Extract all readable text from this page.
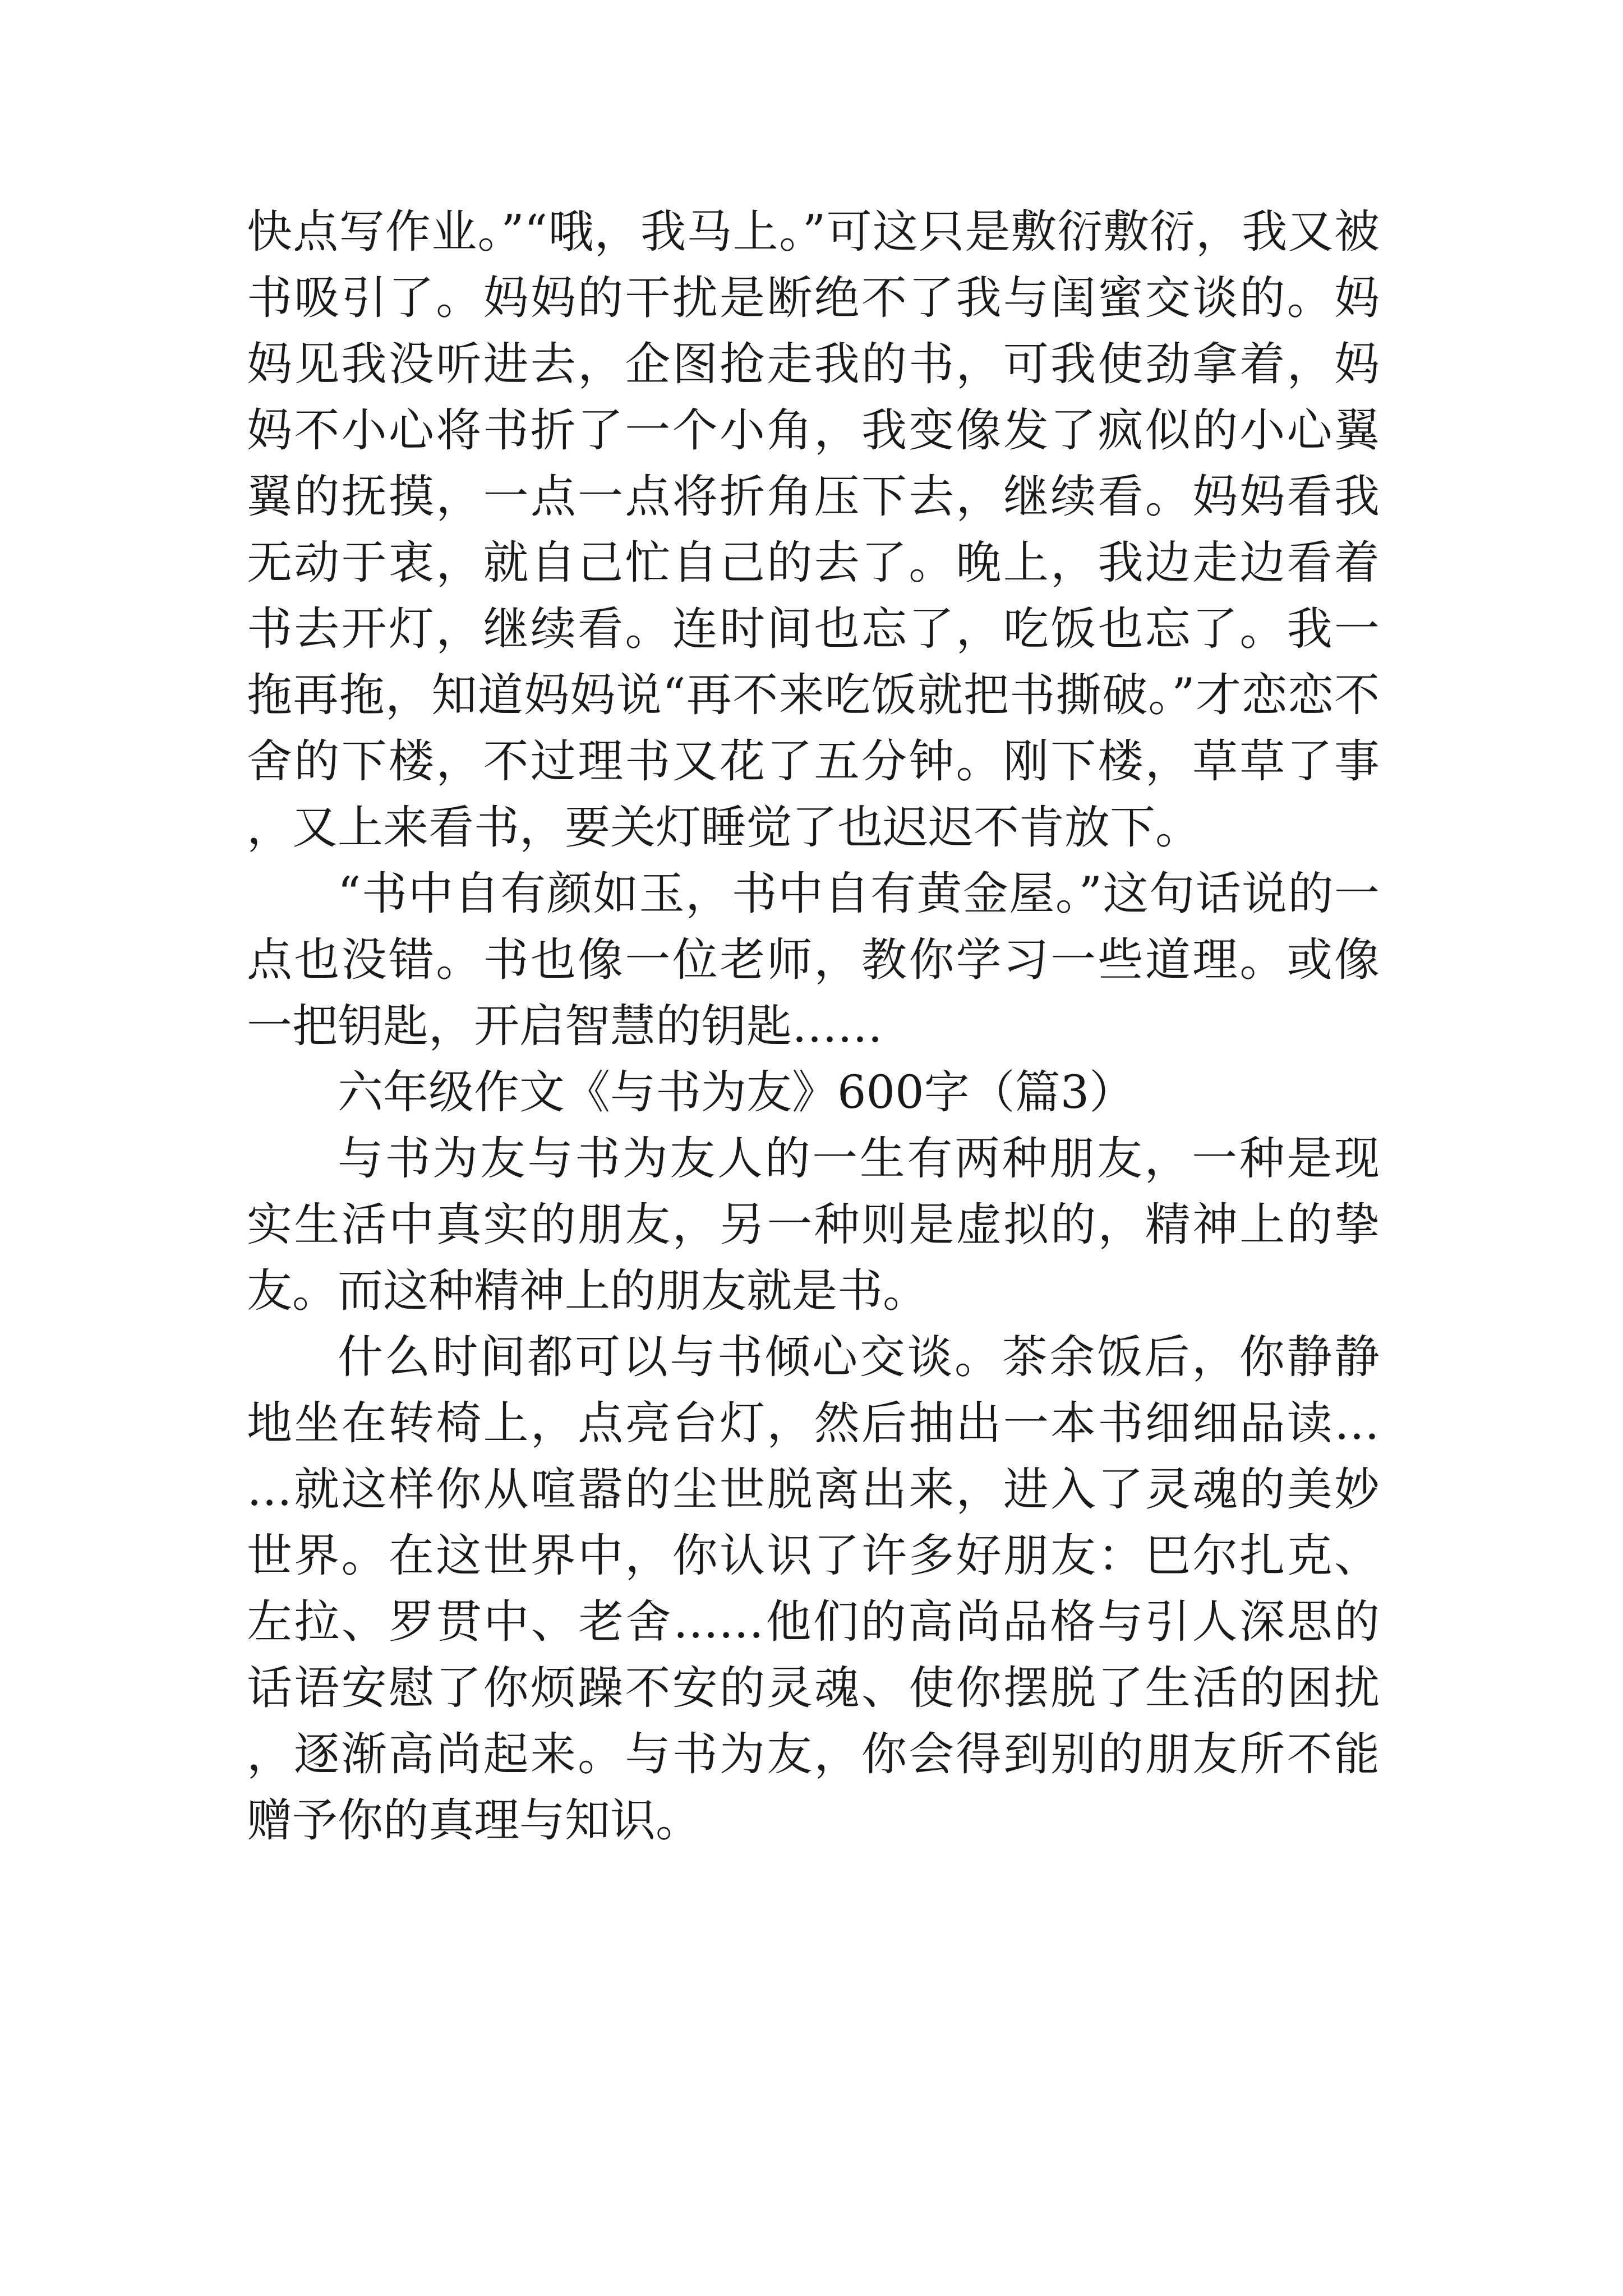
快点写作业。”“哦，我马上。”可这只是敷衍敷衍，我又被书吸引了。妈妈的干扰是断绝不了我与闺蜜交谈的。妈妈见我没听进去，企图抢走我的书，可我使劲拿着，妈妈不小心将书折了一个小角，我变像发了疯似的小心翼翼的抚摸，一点一点将折角压下去，继续看。妈妈看我无动于衷，就自己忙自己的去了。晚上，我边走边看着书去开灯，继续看。连时间也忘了，吃饭也忘了。我一拖再拖，知道妈妈说“再不来吃饭就把书撕破。”才恋恋不舍的下楼，不过理书又花了五分钟。刚下楼，草草了事，又上来看书，要关灯睡觉了也迟迟不肯放下。

“书中自有颜如玉，书中自有黄金屋。”这句话说的一点也没错。书也像一位老师，教你学习一些道理。或像一把钥匙，开启智慧的钥匙……

六年级作文《与书为友》600字（篇3）

与书为友与书为友人的一生有两种朋友，一种是现实生活中真实的朋友，另一种则是虚拟的，精神上的挚友。而这种精神上的朋友就是书。

什么时间都可以与书倾心交谈。茶余饭后，你静静地坐在转椅上，点亮台灯，然后抽出一本书细细品读……就这样你从喧嚣的尘世脱离出来，进入了灵魂的美妙世界。在这世界中，你认识了许多好朋友：巴尔扎克、左拉、罗贯中、老舍……他们的高尚品格与引人深思的话语安慰了你烦躁不安的灵魂、使你摆脱了生活的困扰，逐渐高尚起来。与书为友，你会得到别的朋友所不能赠予你的真理与知识。
